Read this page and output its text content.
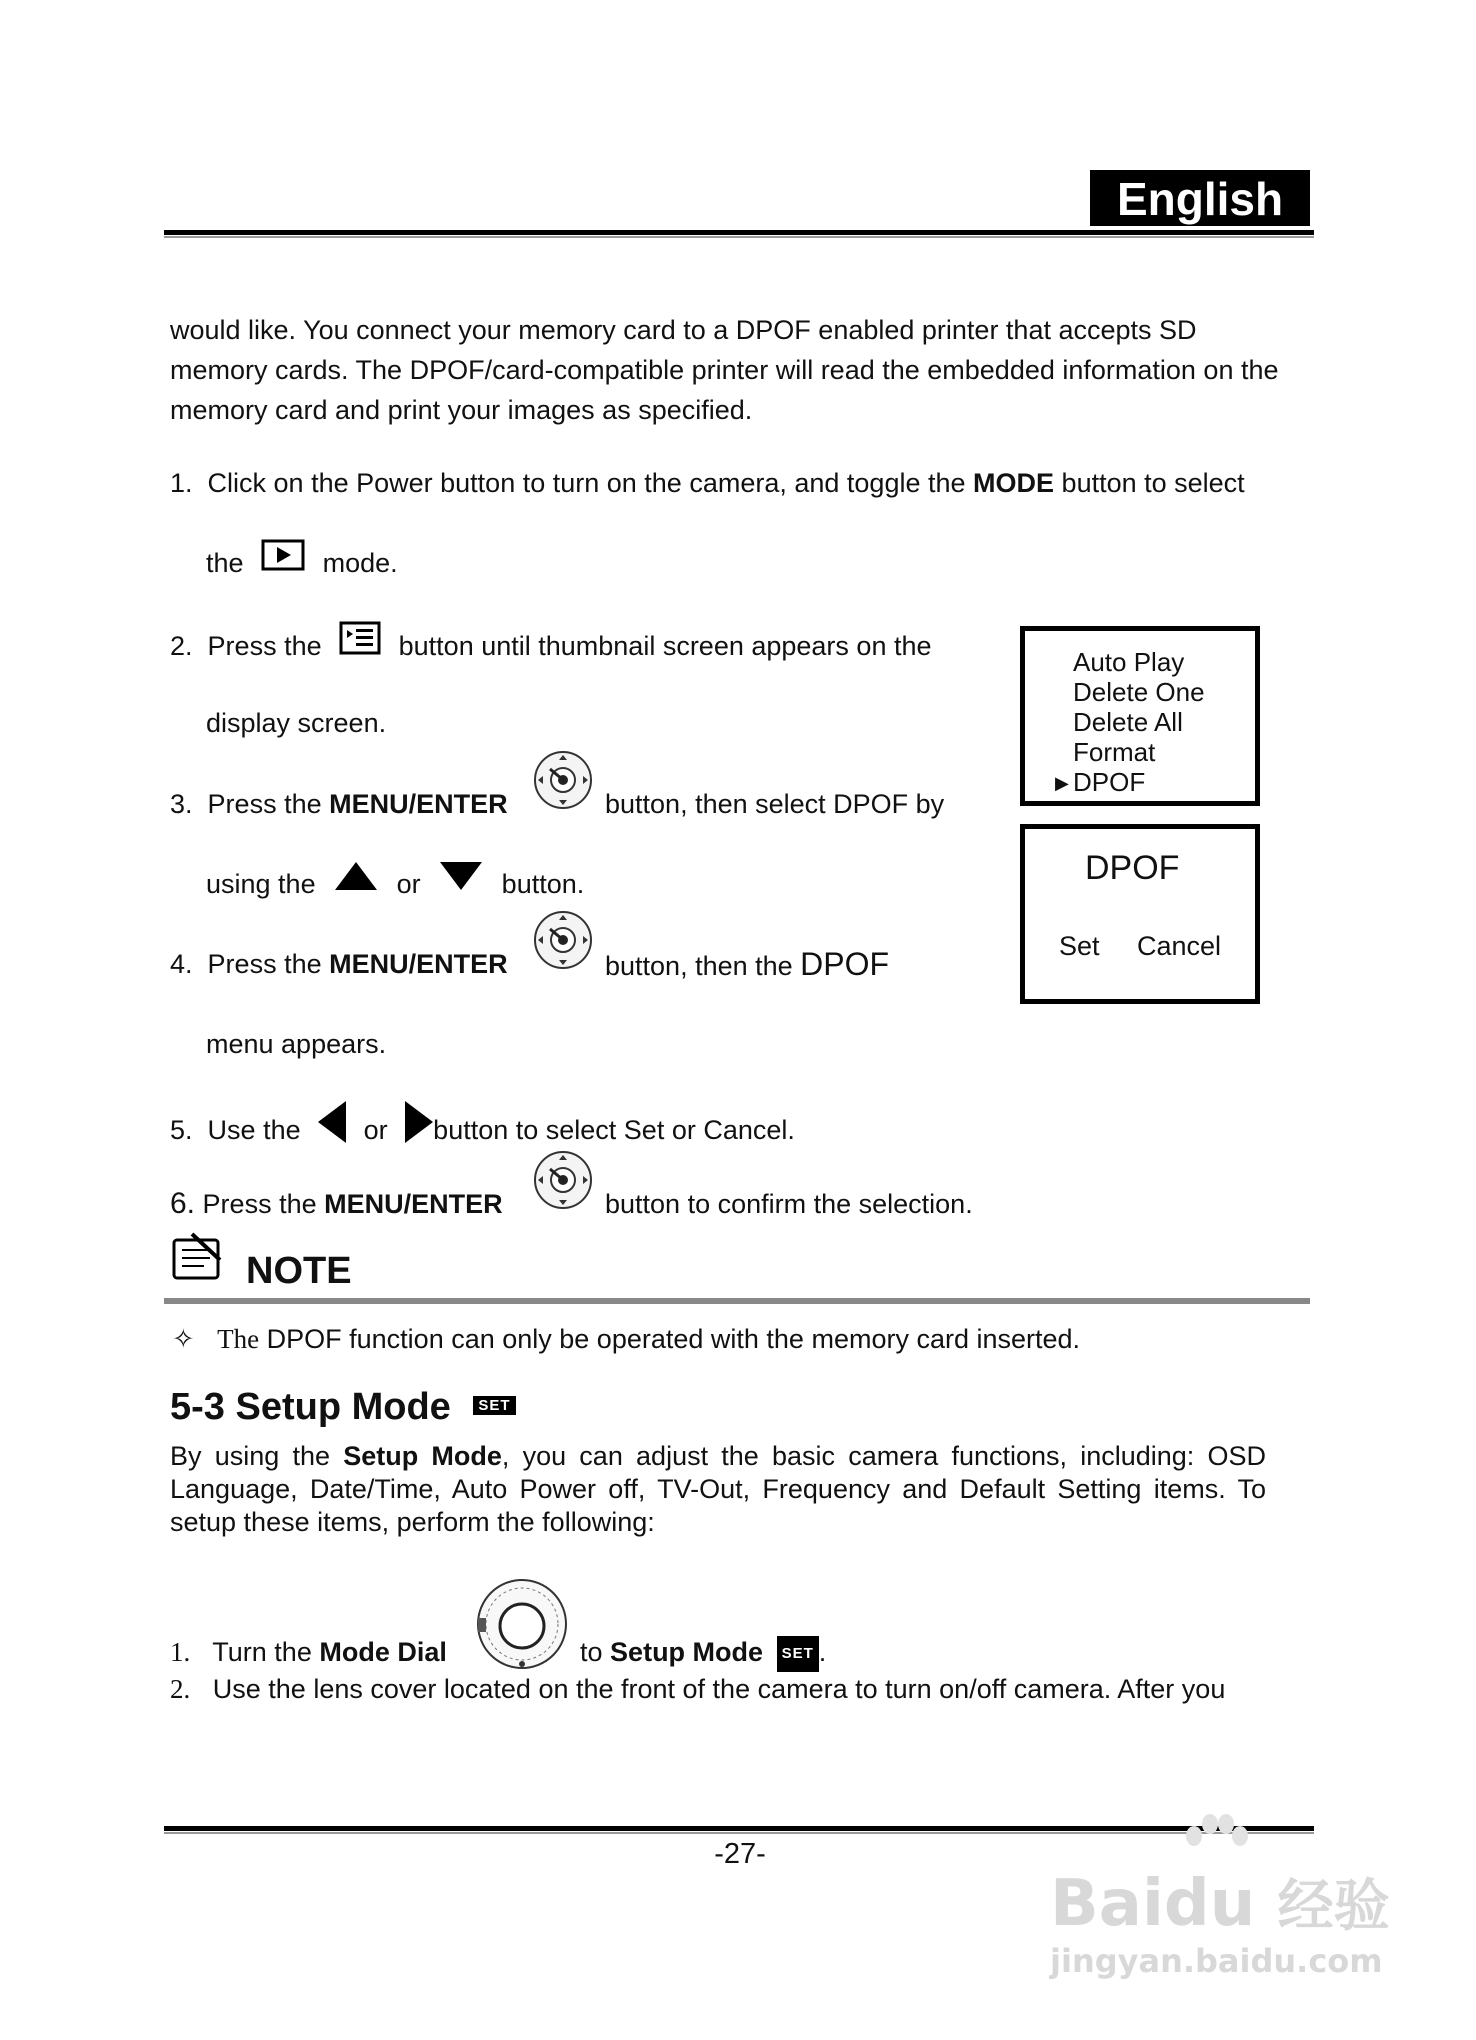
English
would like. You connect your memory card to a DPOF enabled printer that accepts SD memory cards. The DPOF/card-compatible printer will read the embedded information on the memory card and print your images as specified.
1. Click on the Power button to turn on the camera, and toggle the MODE button to select
the	mode.
2. Press the	button until thumbnail screen appears on the
display screen.
3. Press the MENU/ENTER	button, then select DPOF by
using the	or	button.
4. Press the MENU/ENTER	button, then the DPOF
menu appears.
5. Use the or button to select Set or Cancel.
6. Press the MENU/ENTER	button to confirm the selection.
Auto Play
Delete One
Delete All
Format
▶ DPOF
DPOF
Set Cancel
NOTE
✧ The DPOF function can only be operated with the memory card inserted.
5-3 Setup Mode SET
By using the Setup Mode, you can adjust the basic camera functions, including: OSD Language, Date/Time, Auto Power off, TV-Out, Frequency and Default Setting items. To setup these items, perform the following:
1. Turn the Mode Dial	to Setup Mode SET .
2. Use the lens cover located on the front of the camera to turn on/off camera. After you
-27-
Baidu 经验
jingyan.baidu.com
